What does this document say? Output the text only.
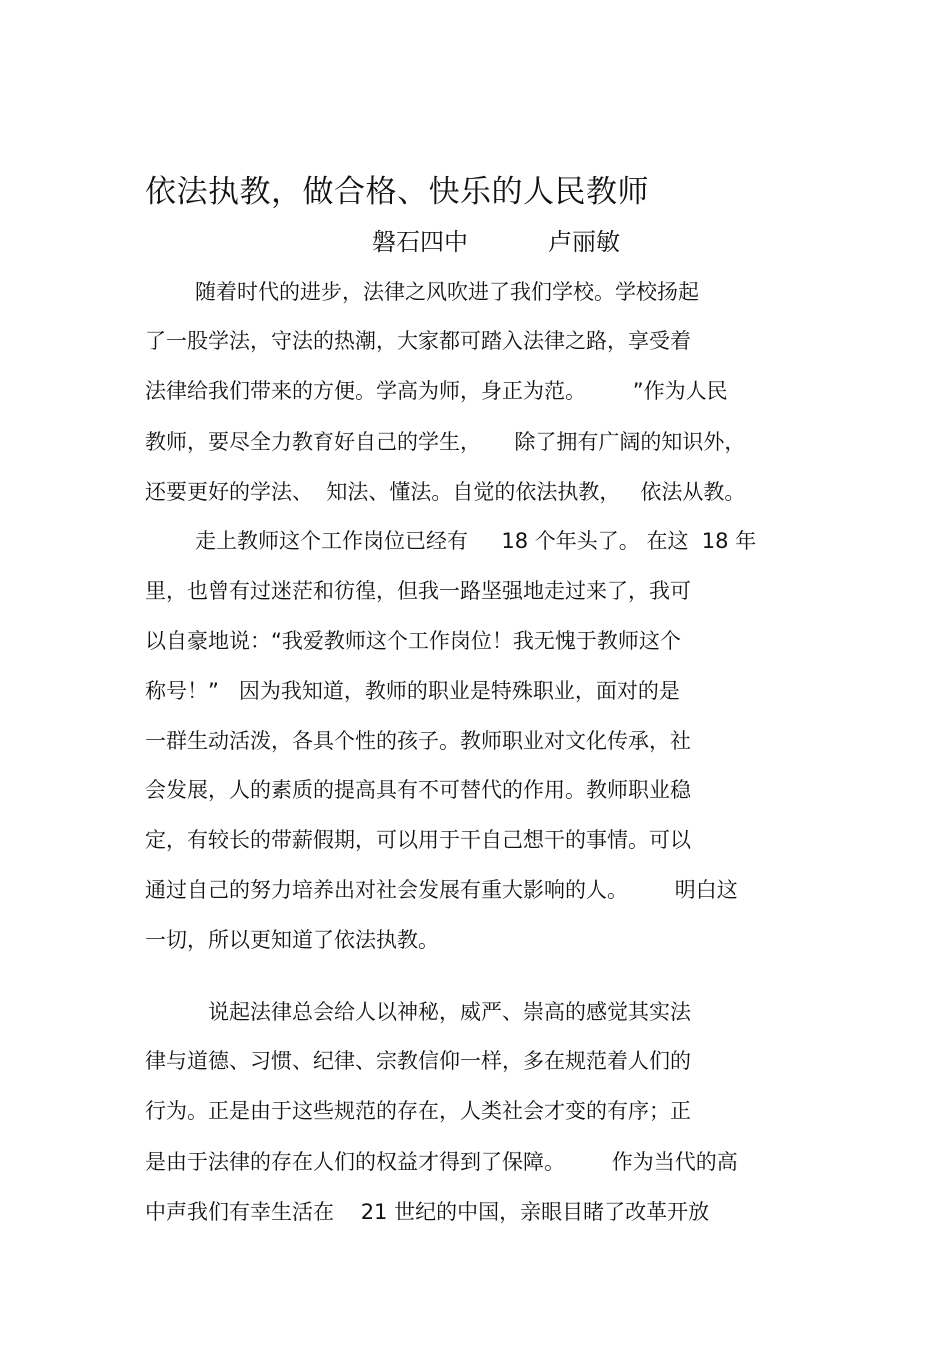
依法执教，做合格、快乐的人民教师
磐石四中	卢丽敏
随着时代的进步，法律之风吹进了我们学校。学校扬起
了一股学法，守法的热潮，大家都可踏入法律之路，享受着
法律给我们带来的方便。学高为师，身正为范。       ”作为人民
教师，要尽全力教育好自己的学生，     除了拥有广阔的知识外，
还要更好的学法、  知法、懂法。自觉的依法执教，   依法从教。
走上教师这个工作岗位已经有     18 个年头了。 在这  18 年
里，也曾有过迷茫和彷徨，但我一路坚强地走过来了，我可
以自豪地说：“我爱教师这个工作岗位！我无愧于教师这个
称号！”   因为我知道，教师的职业是特殊职业，面对的是
一群生动活泼，各具个性的孩子。教师职业对文化传承，社
会发展，人的素质的提高具有不可替代的作用。教师职业稳
定，有较长的带薪假期，可以用于干自己想干的事情。可以
通过自己的努力培养出对社会发展有重大影响的人。       明白这
一切，所以更知道了依法执教。
说起法律总会给人以神秘，威严、崇高的感觉其实法
律与道德、习惯、纪律、宗教信仰一样，多在规范着人们的
行为。正是由于这些规范的存在，人类社会才变的有序；正
是由于法律的存在人们的权益才得到了保障。       作为当代的高
中声我们有幸生活在    21 世纪的中国，亲眼目睹了改革开放
